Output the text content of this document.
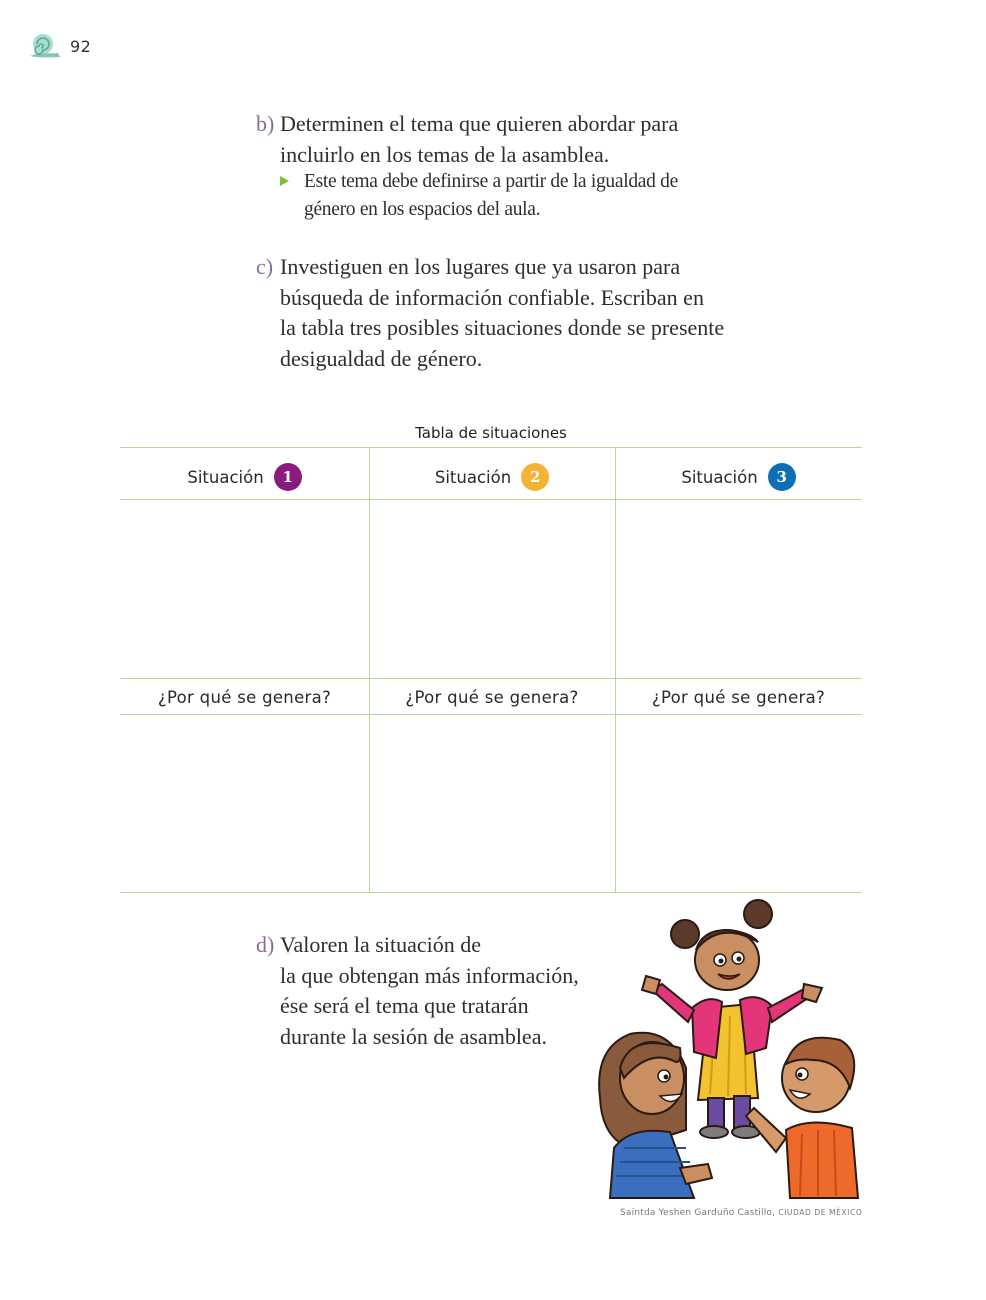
92
b) Determinen el tema que quieren abordar para
incluirlo en los temas de la asamblea.
Este tema debe definirse a partir de la igualdad de
género en los espacios del aula.
c) Investiguen en los lugares que ya usaron para
búsqueda de información confiable. Escriban en
la tabla tres posibles situaciones donde se presente
desigualdad de género.
Tabla de situaciones
Situación	1	Situación	2	Situación	3
¿Por qué se genera?	¿Por qué se genera?	¿Por qué se genera?
d) Valoren la situación de
la que obtengan más información,
ése será el tema que tratarán
durante la sesión de asamblea.
Saintda Yeshen Garduño Castillo, CIUDAD DE MÉXICO
